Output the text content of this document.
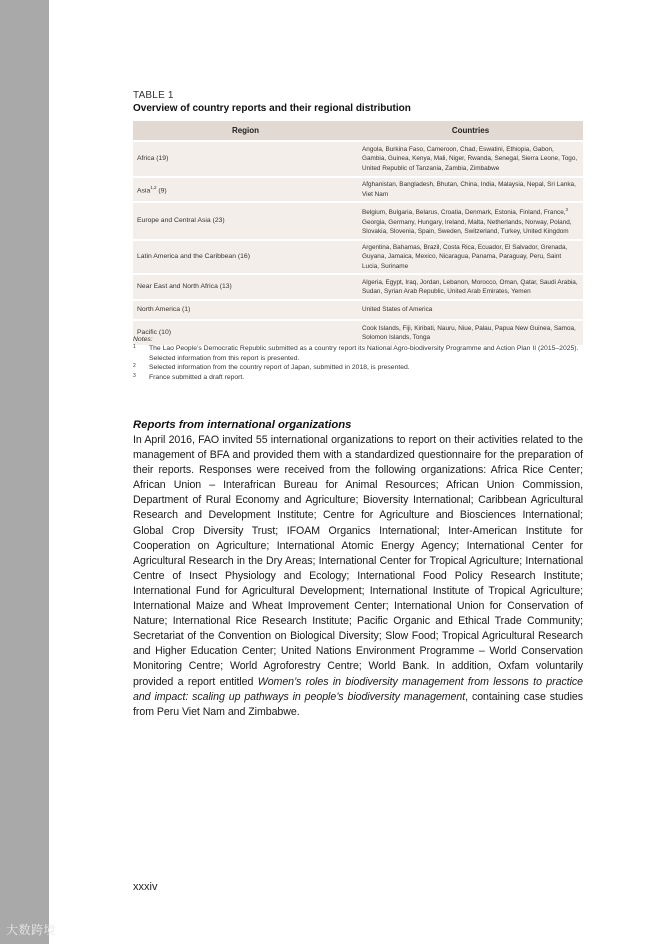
大数跨境
TABLE 1
Overview of country reports and their regional distribution
Region	Countries
Africa (19)	Angola, Burkina Faso, Cameroon, Chad, Eswatini, Ethiopia, Gabon, Gambia, Guinea, Kenya, Mali, Niger, Rwanda, Senegal, Sierra Leone, Togo, United Republic of Tanzania, Zambia, Zimbabwe
Asia$^{1,2}$ (9)	Afghanistan, Bangladesh, Bhutan, China, India, Malaysia, Nepal, Sri Lanka, Viet Nam
Europe and Central Asia (23)	Belgium, Bulgaria, Belarus, Croatia, Denmark, Estonia, Finland, France,$^3$ Georgia, Germany, Hungary, Ireland, Malta, Netherlands, Norway, Poland, Slovakia, Slovenia, Spain, Sweden, Switzerland, Turkey, United Kingdom
Latin America and the Caribbean (16)	Argentina, Bahamas, Brazil, Costa Rica, Ecuador, El Salvador, Grenada, Guyana, Jamaica, Mexico, Nicaragua, Panama, Paraguay, Peru, Saint Lucia, Suriname
Near East and North Africa (13)	Algeria, Egypt, Iraq, Jordan, Lebanon, Morocco, Oman, Qatar, Saudi Arabia, Sudan, Syrian Arab Republic, United Arab Emirates, Yemen
North America (1)	United States of America
Pacific (10)	Cook Islands, Fiji, Kiribati, Nauru, Niue, Palau, Papua New Guinea, Samoa, Solomon Islands, Tonga
Notes:
1 The Lao People’s Democratic Republic submitted as a country report its National Agro-biodiversity Programme and Action Plan II (2015–2025). Selected information from this report is presented.
2 Selected information from the country report of Japan, submitted in 2018, is presented.
3 France submitted a draft report.
Reports from international organizations
In April 2016, FAO invited 55 international organizations to report on their activities related to the management of BFA and provided them with a standardized questionnaire for the preparation of their reports. Responses were received from the following organizations: Africa Rice Center; African Union – Interafrican Bureau for Animal Resources; African Union Commission, Department of Rural Economy and Agriculture; Bioversity International; Caribbean Agricultural Research and Development Institute; Centre for Agriculture and Biosciences International; Global Crop Diversity Trust; IFOAM Organics International; Inter-American Institute for Cooperation on Agriculture; International Atomic Energy Agency; International Center for Agricultural Research in the Dry Areas; International Center for Tropical Agriculture; International Centre of Insect Physiology and Ecology; International Food Policy Research Institute; International Fund for Agricultural Development; International Institute of Tropical Agriculture; International Maize and Wheat Improvement Center; International Union for Conservation of Nature; International Rice Research Institute; Pacific Organic and Ethical Trade Community; Secretariat of the Convention on Biological Diversity; Slow Food; Tropical Agricultural Research and Higher Education Center; United Nations Environment Programme – World Conservation Monitoring Centre; World Agroforestry Centre; World Bank. In addition, Oxfam voluntarily provided a report entitled Women’s roles in biodiversity management from lessons to practice and impact: scaling up pathways in people’s biodiversity management, containing case studies from Peru Viet Nam and Zimbabwe.
xxxiv
